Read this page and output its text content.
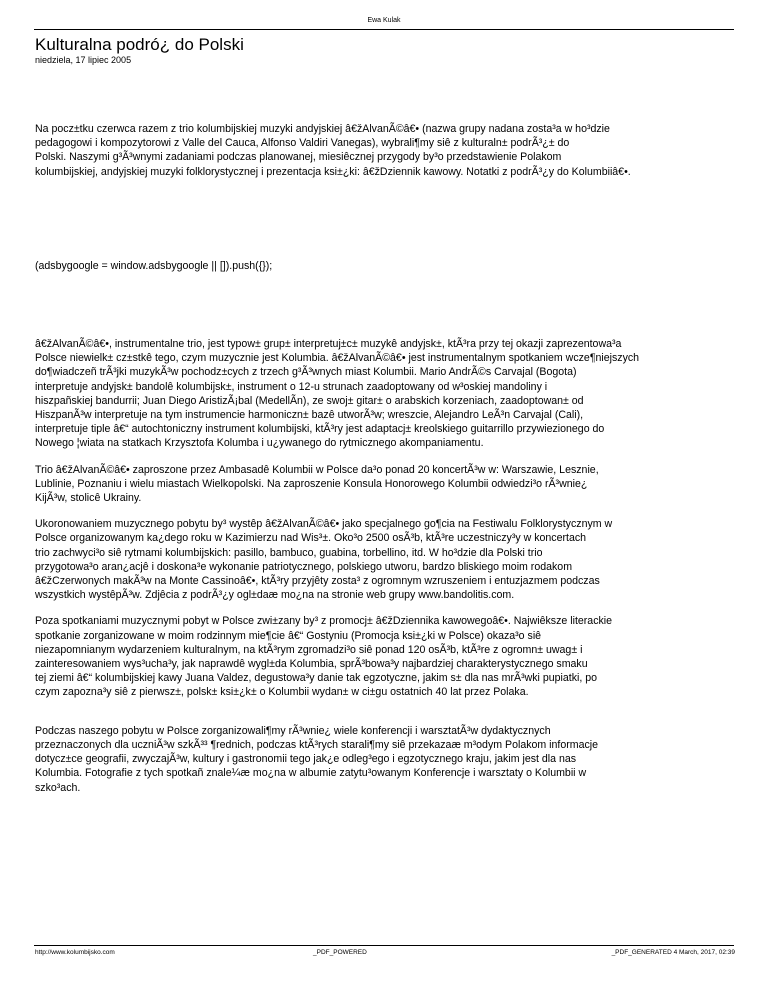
Ewa Kulak
Kulturalna podró¿ do Polski
niedziela, 17 lipiec 2005

Na pocz±tku czerwca razem z trio kolumbijskiej muzyki andyjskiej â€žAlvanÃ©â€• (nazwa grupy nadana zosta³a w ho³dzie
pedagogowi i kompozytorowi z Valle del Cauca, Alfonso Valdiri Vanegas), wybrali¶my siê z kulturaln± podrÃ³¿± do
Polski. Naszymi g³Ã³wnymi zadaniami podczas planowanej, miesiêcznej przygody by³o przedstawienie Polakom
kolumbijskiej, andyjskiej muzyki folklorystycznej i prezentacja ksi±¿ki: â€žDziennik kawowy. Notatki z podrÃ³¿y do Kolumbiiâ€•.

(adsbygoogle = window.adsbygoogle || []).push({});

â€žAlvanÃ©â€•, instrumentalne trio, jest typow± grup± interpretuj±c± muzykê andyjsk±, ktÃ³ra przy tej okazji zaprezentowa³a
Polsce niewielk± cz±stkê tego, czym muzycznie jest Kolumbia. â€žAlvanÃ©â€• jest instrumentalnym spotkaniem wcze¶niejszych
do¶wiadczeñ trÃ³jki muzykÃ³w pochodz±cych z trzech g³Ã³wnych miast Kolumbii. Mario AndrÃ©s Carvajal (Bogota)
interpretuje andyjsk± bandolê kolumbijsk±, instrument o 12-u strunach zaadoptowany od w³oskiej mandoliny i
hiszpañskiej bandurrii; Juan Diego AristizÃ¡bal (MedellÃn), ze swoj± gitar± o arabskich korzeniach, zaadoptowan± od
HiszpanÃ³w interpretuje na tym instrumencie harmoniczn± bazê utworÃ³w; wreszcie, Alejandro LeÃ³n Carvajal (Cali),
interpretuje tiple â€“ autochtoniczny instrument kolumbijski, ktÃ³ry jest adaptacj± kreolskiego guitarrillo przywiezionego do
Nowego ¦wiata na statkach Krzysztofa Kolumba i u¿ywanego do rytmicznego akompaniamentu.

Trio â€žAlvanÃ©â€• zaproszone przez Ambasadê Kolumbii w Polsce da³o ponad 20 koncertÃ³w w: Warszawie, Lesznie,
Lublinie, Poznaniu i wielu miastach Wielkopolski. Na zaproszenie Konsula Honorowego Kolumbii odwiedzi³o rÃ³wnie¿
KijÃ³w, stolicê Ukrainy.

Ukoronowaniem muzycznego pobytu by³ wystêp â€žAlvanÃ©â€• jako specjalnego go¶cia na Festiwalu Folklorystycznym w
Polsce organizowanym ka¿dego roku w Kazimierzu nad Wis³±. Oko³o 2500 osÃ³b, ktÃ³re uczestniczy³y w koncertach
trio zachwyci³o siê rytmami kolumbijskich: pasillo, bambuco, guabina, torbellino, itd. W ho³dzie dla Polski trio
przygotowa³o aran¿acjê i doskona³e wykonanie patriotycznego, polskiego utworu, bardzo bliskiego moim rodakom
â€žCzerwonych makÃ³w na Monte Cassinoâ€•, ktÃ³ry przyjêty zosta³ z ogromnym wzruszeniem i entuzjazmem podczas
wszystkich wystêpÃ³w. Zdjêcia z podrÃ³¿y ogl±daæ mo¿na na stronie web grupy www.bandolitis.com.

Poza spotkaniami muzycznymi pobyt w Polsce zwi±zany by³ z promocj± â€žDziennika kawowegoâ€•. Najwiêksze literackie
spotkanie zorganizowane w moim rodzinnym mie¶cie â€“ Gostyniu (Promocja ksi±¿ki w Polsce) okaza³o siê
niezapomnianym wydarzeniem kulturalnym, na ktÃ³rym zgromadzi³o siê ponad 120 osÃ³b, ktÃ³re z ogromn± uwag± i
zainteresowaniem wys³ucha³y, jak naprawdê wygl±da Kolumbia, sprÃ³bowa³y najbardziej charakterystycznego smaku
tej ziemi â€“ kolumbijskiej kawy Juana Valdez, degustowa³y danie tak egzotyczne, jakim s± dla nas mrÃ³wki pupiatki, po
czym zapozna³y siê z pierwsz±, polsk± ksi±¿k± o Kolumbii wydan± w ci±gu ostatnich 40 lat przez Polaka.

Podczas naszego pobytu w Polsce zorganizowali¶my rÃ³wnie¿ wiele konferencji i warsztatÃ³w dydaktycznych
przeznaczonych dla uczniÃ³w szkÃ³³ ¶rednich, podczas ktÃ³rych starali¶my siê przekazaæ m³odym Polakom informacje
dotycz±ce geografii, zwyczajÃ³w, kultury i gastronomii tego jak¿e odleg³ego i egzotycznego kraju, jakim jest dla nas
Kolumbia. Fotografie z tych spotkañ znale¼æ mo¿na w albumie zatytu³owanym Konferencje i warsztaty o Kolumbii w
szko³ach.

http://www.kolumbijsko.com	_PDF_POWERED	_PDF_GENERATED 4 March, 2017, 02:39
